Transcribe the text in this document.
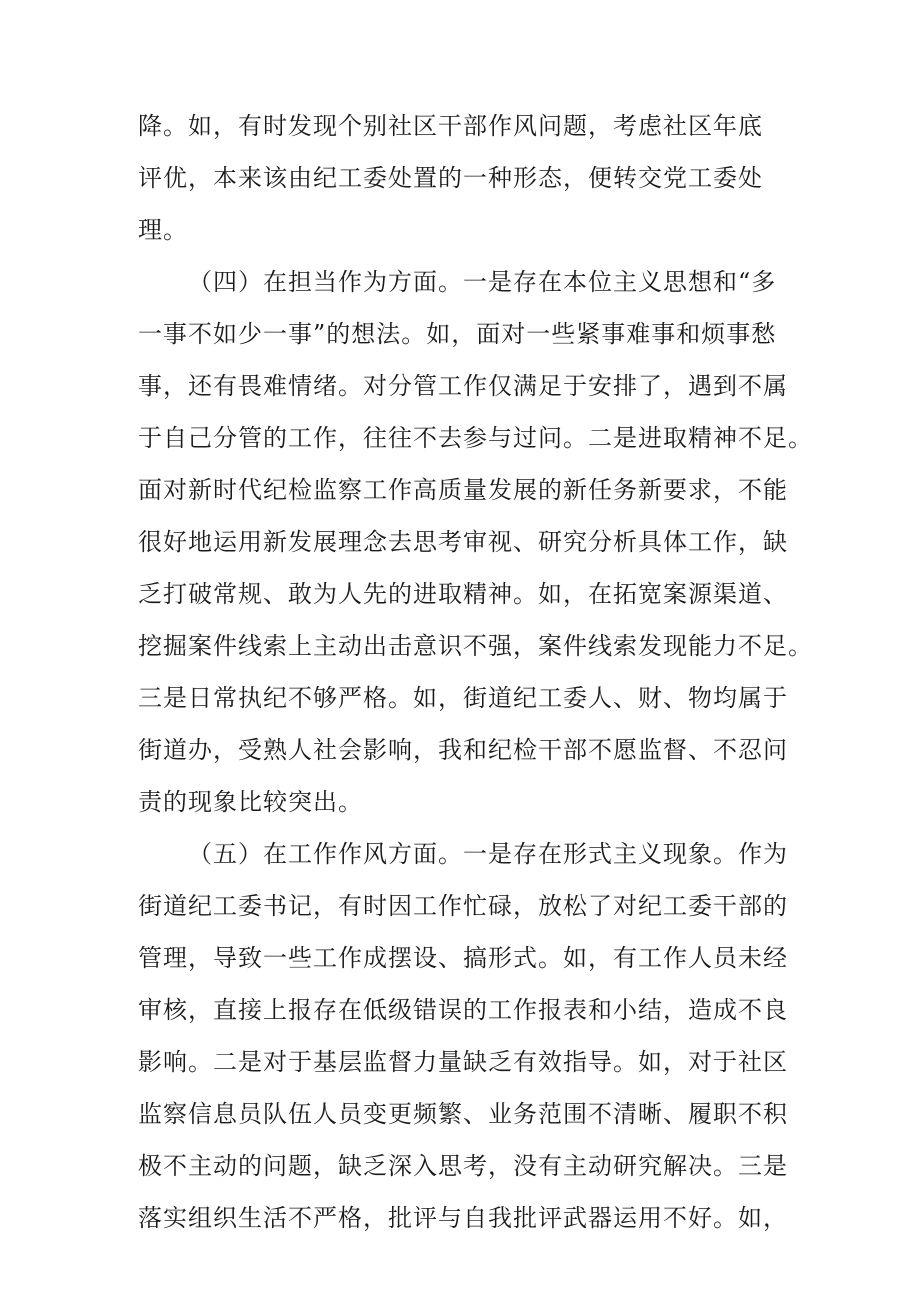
降。如，有时发现个别社区干部作风问题，考虑社区年底
评优，本来该由纪工委处置的一种形态，便转交党工委处
理。
（四）在担当作为方面。一是存在本位主义思想和“多
一事不如少一事”的想法。如，面对一些紧事难事和烦事愁
事，还有畏难情绪。对分管工作仅满足于安排了，遇到不属
于自己分管的工作，往往不去参与过问。二是进取精神不足。
面对新时代纪检监察工作高质量发展的新任务新要求，不能
很好地运用新发展理念去思考审视、研究分析具体工作，缺
乏打破常规、敢为人先的进取精神。如，在拓宽案源渠道、
挖掘案件线索上主动出击意识不强，案件线索发现能力不足。
三是日常执纪不够严格。如，街道纪工委人、财、物均属于
街道办，受熟人社会影响，我和纪检干部不愿监督、不忍问
责的现象比较突出。
（五）在工作作风方面。一是存在形式主义现象。作为
街道纪工委书记，有时因工作忙碌，放松了对纪工委干部的
管理，导致一些工作成摆设、搞形式。如，有工作人员未经
审核，直接上报存在低级错误的工作报表和小结，造成不良
影响。二是对于基层监督力量缺乏有效指导。如，对于社区
监察信息员队伍人员变更频繁、业务范围不清晰、履职不积
极不主动的问题，缺乏深入思考，没有主动研究解决。三是
落实组织生活不严格，批评与自我批评武器运用不好。如，
